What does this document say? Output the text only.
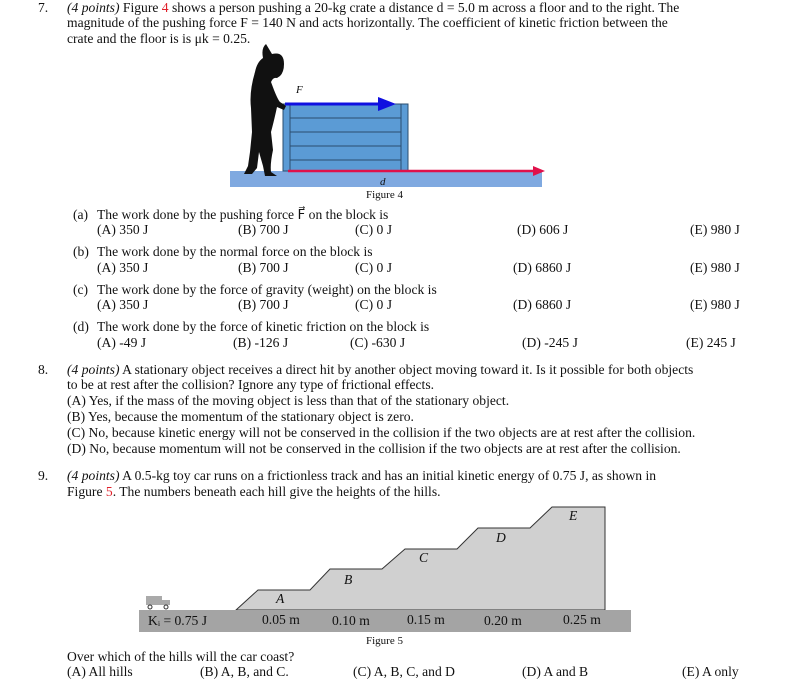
7. (4 points) Figure 4 shows a person pushing a 20-kg crate a distance d = 5.0 m across a floor and to the right. The
magnitude of the pushing force F = 140 N and acts horizontally. The coefficient of kinetic friction between the
crate and the floor is is μk = 0.25.
F⃗
d⃗
Figure 4
(a) The work done by the pushing force F⃗ on the block is
(A) 350 J	(B) 700 J	(C) 0 J	(D) 606 J	(E) 980 J
(b) The work done by the normal force on the block is
(A) 350 J	(B) 700 J	(C) 0 J	(D) 6860 J	(E) 980 J
(c) The work done by the force of gravity (weight) on the block is
(A) 350 J	(B) 700 J	(C) 0 J	(D) 6860 J	(E) 980 J
(d) The work done by the force of kinetic friction on the block is
(A) -49 J	(B) -126 J	(C) -630 J	(D) -245 J	(E) 245 J
8. (4 points) A stationary object receives a direct hit by another object moving toward it. Is it possible for both objects
to be at rest after the collision? Ignore any type of frictional effects.
(A) Yes, if the mass of the moving object is less than that of the stationary object.
(B) Yes, because the momentum of the stationary object is zero.
(C) No, because kinetic energy will not be conserved in the collision if the two objects are at rest after the collision.
(D) No, because momentum will not be conserved in the collision if the two objects are at rest after the collision.
9. (4 points) A 0.5-kg toy car runs on a frictionless track and has an initial kinetic energy of 0.75 J, as shown in
Figure 5. The numbers beneath each hill give the heights of the hills.
A
B
C
D
E
Kᵢ = 0.75 J	0.05 m 0.10 m	0.15 m	0.20 m	0.25 m
Figure 5
Over which of the hills will the car coast?
(A) All hills	(B) A, B, and C.	(C) A, B, C, and D	(D) A and B	(E) A only
